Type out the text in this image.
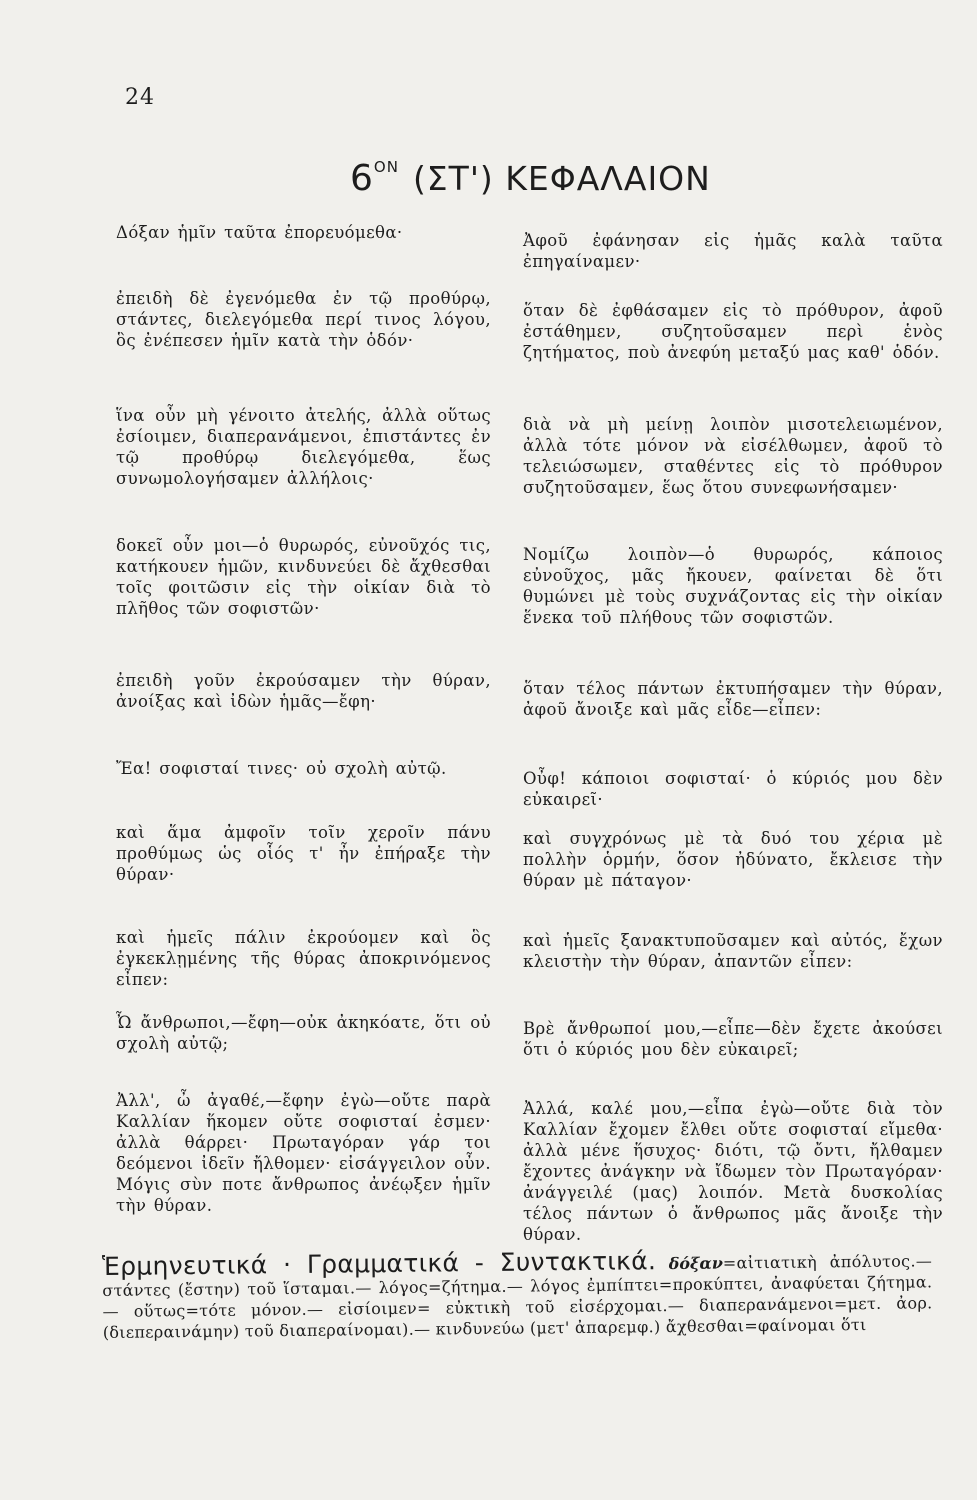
24
$6^{ON}$ (ΣΤ') ΚΕΦΑΛΑΙΟΝ
Δόξαν ἡμῖν ταῦτα ἐπορευόμεθα·
ἐπειδὴ δὲ ἐγενόμεθα ἐν τῷ προθύρῳ, στάντες, διελεγόμεθα περί τινος λόγου, ὃς ἐνέπεσεν ἡμῖν κατὰ τὴν ὁδόν·
ἵνα οὖν μὴ γένοιτο ἀτελής, ἀλλὰ οὕτως ἐσίοιμεν, διαπερανάμενοι, ἐπιστάντες ἐν τῷ προθύρῳ διελεγόμεθα, ἕως συνωμολογήσαμεν ἀλλήλοις·
δοκεῖ οὖν μοι—ὁ θυρωρός, εὐνοῦχός τις, κατήκουεν ἡμῶν, κινδυνεύει δὲ ἄχθεσθαι τοῖς φοιτῶσιν εἰς τὴν οἰκίαν διὰ τὸ πλῆθος τῶν σοφιστῶν·
ἐπειδὴ γοῦν ἐκρούσαμεν τὴν θύραν, ἀνοίξας καὶ ἰδὼν ἡμᾶς—ἔφη·
Ἔα! σοφισταί τινες· οὐ σχολὴ αὐτῷ.
καὶ ἅμα ἀμφοῖν τοῖν χεροῖν πάνυ προθύμως ὡς οἷός τ' ἦν ἐπήραξε τὴν θύραν·
καὶ ἡμεῖς πάλιν ἐκρούομεν καὶ ὃς ἐγκεκλῃμένης τῆς θύρας ἀποκρινόμενος εἶπεν:
Ὦ ἄνθρωποι,—ἔφη—οὐκ ἀκηκόατε, ὅτι οὐ σχολὴ αὐτῷ;
Ἀλλ', ὦ ἀγαθέ,—ἔφην ἐγὼ—οὔτε παρὰ Καλλίαν ἥκομεν οὔτε σοφισταί ἐσμεν· ἀλλὰ θάρρει· Πρωταγόραν γάρ τοι δεόμενοι ἰδεῖν ἤλθομεν· εἰσάγγειλον οὖν. Μόγις σὺν ποτε ἄνθρωπος ἀνέῳξεν ἡμῖν τὴν θύραν.
Ἀφοῦ ἐφάνησαν εἰς ἡμᾶς καλὰ ταῦτα ἐπηγαίναμεν·
ὅταν δὲ ἐφθάσαμεν εἰς τὸ πρόθυρον, ἀφοῦ ἐστάθημεν, συζητοῦσαμεν περὶ ἑνὸς ζητήματος, ποὺ ἀνεφύη μεταξύ μας καθ' ὁδόν.
διὰ νὰ μὴ μείνῃ λοιπὸν μισοτελειωμένον, ἀλλὰ τότε μόνον νὰ εἰσέλθωμεν, ἀφοῦ τὸ τελειώσωμεν, σταθέντες εἰς τὸ πρόθυρον συζητοῦσαμεν, ἕως ὅτου συνεφωνήσαμεν·
Νομίζω λοιπὸν—ὁ θυρωρός, κάποιος εὐνοῦχος, μᾶς ἤκουεν, φαίνεται δὲ ὅτι θυμώνει μὲ τοὺς συχνάζοντας εἰς τὴν οἰκίαν ἕνεκα τοῦ πλήθους τῶν σοφιστῶν.
ὅταν τέλος πάντων ἐκτυπήσαμεν τὴν θύραν, ἀφοῦ ἄνοιξε καὶ μᾶς εἶδε—εἶπεν:
Οὖφ! κάποιοι σοφισταί· ὁ κύριός μου δὲν εὐκαιρεῖ·
καὶ συγχρόνως μὲ τὰ δυό του χέρια μὲ πολλὴν ὁρμήν, ὅσον ἠδύνατο, ἔκλεισε τὴν θύραν μὲ πάταγον·
καὶ ἡμεῖς ξανακτυποῦσαμεν καὶ αὐτός, ἔχων κλειστὴν τὴν θύραν, ἀπαντῶν εἶπεν:
Βρὲ ἄνθρωποί μου,—εἶπε—δὲν ἔχετε ἀκούσει ὅτι ὁ κύριός μου δὲν εὐκαιρεῖ;
Ἀλλά, καλέ μου,—εἶπα ἐγὼ—οὔτε διὰ τὸν Καλλίαν ἔχομεν ἔλθει οὔτε σοφισταί εἴμεθα· ἀλλὰ μένε ἥσυχος· διότι, τῷ ὄντι, ἤλθαμεν ἔχοντες ἀνάγκην νὰ ἴδωμεν τὸν Πρωταγόραν· ἀνάγγειλέ (μας) λοιπόν. Μετὰ δυσκολίας τέλος πάντων ὁ ἄνθρωπος μᾶς ἄνοιξε τὴν θύραν.
Ἑρμηνευτικά · Γραμματικά - Συντακτικά. δόξαν=αἰτιατικὴ ἀπόλυτος.— στάντες (ἔστην) τοῦ ἵσταμαι.— λόγος=ζήτημα.— λόγος ἐμπίπτει=προκύπτει, ἀναφύεται ζήτημα.— οὕτως=τότε μόνον.— εἰσίοιμεν= εὐκτικὴ τοῦ εἰσέρχομαι.— διαπερανάμενοι=μετ. ἀορ. (διεπεραινάμην) τοῦ διαπεραίνομαι).— κινδυνεύω (μετ' ἀπαρεμφ.) ἄχθεσθαι=φαίνομαι ὅτι
